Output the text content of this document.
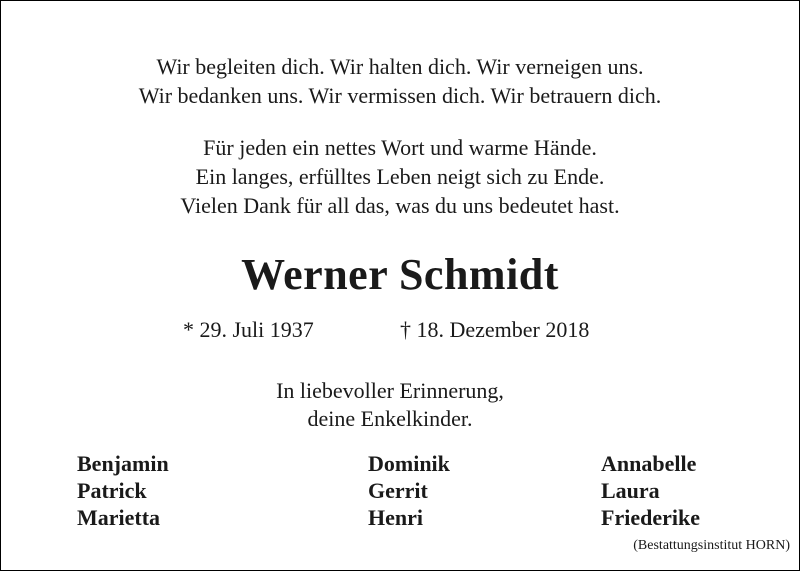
Wir begleiten dich. Wir halten dich. Wir verneigen uns.
Wir bedanken uns. Wir vermissen dich. Wir betrauern dich.
Für jeden ein nettes Wort und warme Hände.
Ein langes, erfülltes Leben neigt sich zu Ende.
Vielen Dank für all das, was du uns bedeutet hast.
Werner Schmidt
* 29. Juli 1937	† 18. Dezember 2018
In liebevoller Erinnerung,
deine Enkelkinder.
Benjamin
Patrick
Marietta
Dominik
Gerrit
Henri
Annabelle
Laura
Friederike
(Bestattungsinstitut HORN)
